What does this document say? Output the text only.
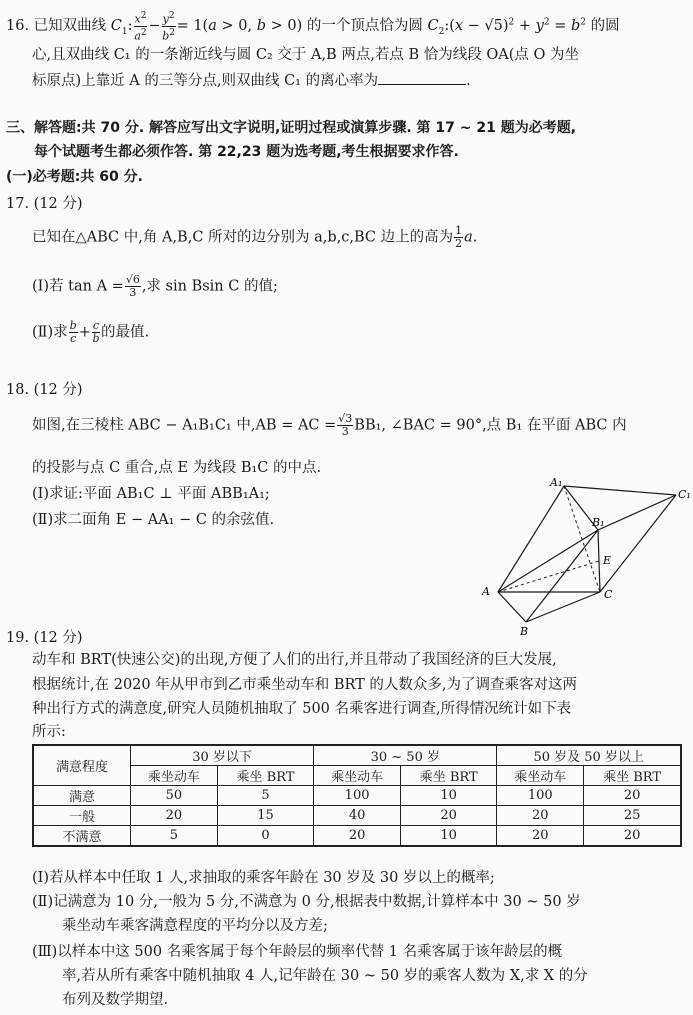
16. 已知双曲线 $C_1$: $\frac{x^2}{a^2} - \frac{y^2}{b^2} = 1(a > 0$, b > 0) 的一个顶点恰为圆 $C_2:(x - √5)^2 + y^2 = b^2$ 的圆
心,且双曲线 C₁ 的一条渐近线与圆 C₂ 交于 A,B 两点,若点 B 恰为线段 OA(点 O 为坐
标原点)上靠近 A 的三等分点,则双曲线 C₁ 的离心率为	.
三、解答题:共 70 分. 解答应写出文字说明,证明过程或演算步骤. 第 17 ~ 21 题为必考题,
每个试题考生都必须作答. 第 22,23 题为选考题,考生根据要求作答.
(一)必考题:共 60 分.
17. (12 分)
已知在△ABC 中,角 A,B,C 所对的边分别为 a,b,c,BC 边上的高为 $\frac{1}{2} a$.
(Ⅰ)若 $\tan A = \frac{√6}{3}$ ,求 sin Bsin C 的值;
(Ⅱ)求 $\frac{b}{c} + \frac{c}{b}$ 的最值.
18. (12 分)
如图,在三棱柱 ABC − A₁B₁C₁ 中,AB = AC = $\frac{√3}{3} BB_1$, ∠BAC = 90°,点 B₁ 在平面 ABC 内
的投影与点 C 重合,点 E 为线段 B₁C 的中点.
(Ⅰ)求证:平面 AB₁C ⊥ 平面 ABB₁A₁;
(Ⅱ)求二面角 E − AA₁ − C 的余弦值.
A₁
C₁
B₁
E
A	C
B
19. (12 分)
动车和 BRT(快速公交)的出现,方便了人们的出行,并且带动了我国经济的巨大发展,
根据统计,在 2020 年从甲市到乙市乘坐动车和 BRT 的人数众多,为了调查乘客对这两
种出行方式的满意度,研究人员随机抽取了 500 名乘客进行调查,所得情况统计如下表
所示:
满意程度	30 岁以下		30 ~ 50 岁		50 岁及 50 岁以上	
	乘坐动车	乘坐 BRT	乘坐动车	乘坐 BRT	乘坐动车	乘坐 BRT
满意	50	5	100	10	100	20
一般	20	15	40	20	20	25
不满意	5	0	20	10	20	20
(Ⅰ)若从样本中任取 1 人,求抽取的乘客年龄在 30 岁及 30 岁以上的概率;
(Ⅱ)记满意为 10 分,一般为 5 分,不满意为 0 分,根据表中数据,计算样本中 30 ~ 50 岁
乘坐动车乘客满意程度的平均分以及方差;
(Ⅲ)以样本中这 500 名乘客属于每个年龄层的频率代替 1 名乘客属于该年龄层的概
率,若从所有乘客中随机抽取 4 人,记年龄在 30 ~ 50 岁的乘客人数为 X,求 X 的分
布列及数学期望.
